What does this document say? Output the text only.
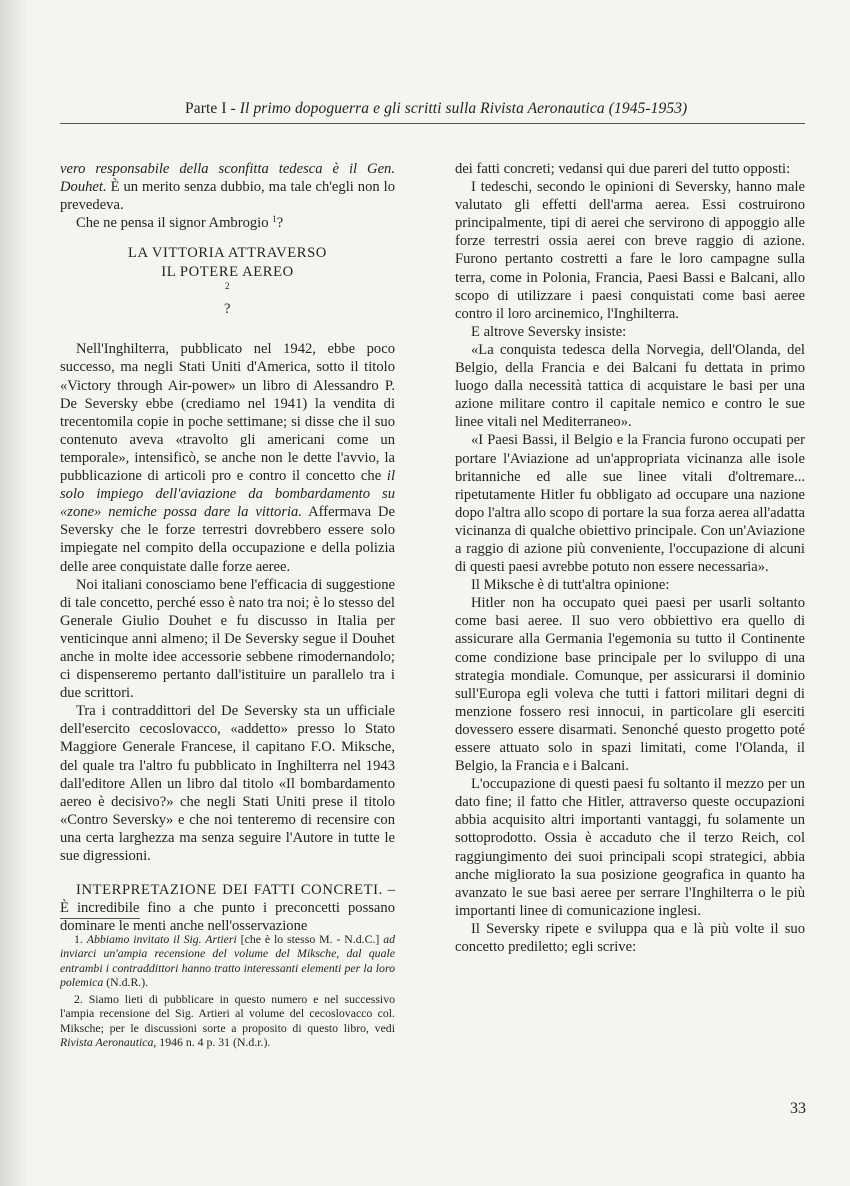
Parte I - Il primo dopoguerra e gli scritti sulla Rivista Aeronautica (1945-1953)

vero responsabile della sconfitta tedesca è il Gen. Douhet. È un merito senza dubbio, ma tale ch'egli non lo prevedeva.

Che ne pensa il signor Ambrogio $^1$?

LA VITTORIA ATTRAVERSO
IL POTERE AEREO
$^2$
?

Nell'Inghilterra, pubblicato nel 1942, ebbe poco successo, ma negli Stati Uniti d'America, sotto il titolo «Victory through Air-power» un libro di Alessandro P. De Seversky ebbe (crediamo nel 1941) la vendita di trecentomila copie in poche settimane; si disse che il suo contenuto aveva «travolto gli americani come un temporale», intensificò, se anche non le dette l'avvio, la pubblicazione di articoli pro e contro il concetto che il solo impiego dell'aviazione da bombardamento su «zone» nemiche possa dare la vittoria. Affermava De Seversky che le forze terrestri dovrebbero essere solo impiegate nel compito della occupazione e della polizia delle aree conquistate dalle forze aeree.

Noi italiani conosciamo bene l'efficacia di suggestione di tale concetto, perché esso è nato tra noi; è lo stesso del Generale Giulio Douhet e fu discusso in Italia per venticinque anni almeno; il De Seversky segue il Douhet anche in molte idee accessorie sebbene rimodernandolo; ci dispenseremo pertanto dall'istituire un parallelo tra i due scrittori.

Tra i contraddittori del De Seversky sta un ufficiale dell'esercito cecoslovacco, «addetto» presso lo Stato Maggiore Generale Francese, il capitano F.O. Miksche, del quale tra l'altro fu pubblicato in Inghilterra nel 1943 dall'editore Allen un libro dal titolo «Il bombardamento aereo è decisivo?» che negli Stati Uniti prese il titolo «Contro Seversky» e che noi tenteremo di recensire con una certa larghezza ma senza seguire l'Autore in tutte le sue digressioni.

INTERPRETAZIONE DEI FATTI CONCRETI. – È incredibile fino a che punto i preconcetti possano dominare le menti anche nell'osservazione

dei fatti concreti; vedansi qui due pareri del tutto opposti:

I tedeschi, secondo le opinioni di Seversky, hanno male valutato gli effetti dell'arma aerea. Essi costruirono principalmente, tipi di aerei che servirono di appoggio alle forze terrestri ossia aerei con breve raggio di azione. Furono pertanto costretti a fare le loro campagne sulla terra, come in Polonia, Francia, Paesi Bassi e Balcani, allo scopo di utilizzare i paesi conquistati come basi aeree contro il loro arcinemico, l'Inghilterra.

E altrove Seversky insiste:

«La conquista tedesca della Norvegia, dell'Olanda, del Belgio, della Francia e dei Balcani fu dettata in primo luogo dalla necessità tattica di acquistare le basi per una azione militare contro il capitale nemico e contro le sue linee vitali nel Mediterraneo».

«I Paesi Bassi, il Belgio e la Francia furono occupati per portare l'Aviazione ad un'appropriata vicinanza alle isole britanniche ed alle sue linee vitali d'oltremare... ripetutamente Hitler fu obbligato ad occupare una nazione dopo l'altra allo scopo di portare la sua forza aerea all'adatta vicinanza di qualche obiettivo principale. Con un'Aviazione a raggio di azione più conveniente, l'occupazione di alcuni di questi paesi avrebbe potuto non essere necessaria».

Il Miksche è di tutt'altra opinione:

Hitler non ha occupato quei paesi per usarli soltanto come basi aeree. Il suo vero obbiettivo era quello di assicurare alla Germania l'egemonia su tutto il Continente come condizione base principale per lo sviluppo di una strategia mondiale. Comunque, per assicurarsi il dominio sull'Europa egli voleva che tutti i fattori militari degni di menzione fossero resi innocui, in particolare gli eserciti dovessero essere disarmati. Senonché questo progetto poté essere attuato solo in spazi limitati, come l'Olanda, il Belgio, la Francia e i Balcani.

L'occupazione di questi paesi fu soltanto il mezzo per un dato fine; il fatto che Hitler, attraverso queste occupazioni abbia acquisito altri importanti vantaggi, fu solamente un sottoprodotto. Ossia è accaduto che il terzo Reich, col raggiungimento dei suoi principali scopi strategici, abbia anche migliorato la sua posizione geografica in quanto ha avanzato le sue basi aeree per serrare l'Inghilterra o le più importanti linee di comunicazione inglesi.

Il Seversky ripete e sviluppa qua e là più volte il suo concetto prediletto; egli scrive:

1. Abbiamo invitato il Sig. Artieri [che è lo stesso M. - N.d.C.] ad inviarci un'ampia recensione del volume del Miksche, dal quale entrambi i contraddittori hanno tratto interessanti elementi per la loro polemica (N.d.R.).

2. Siamo lieti di pubblicare in questo numero e nel successivo l'ampia recensione del Sig. Artieri al volume del cecoslovacco col. Miksche; per le discussioni sorte a proposito di questo libro, vedi Rivista Aeronautica, 1946 n. 4 p. 31 (N.d.r.).

33
